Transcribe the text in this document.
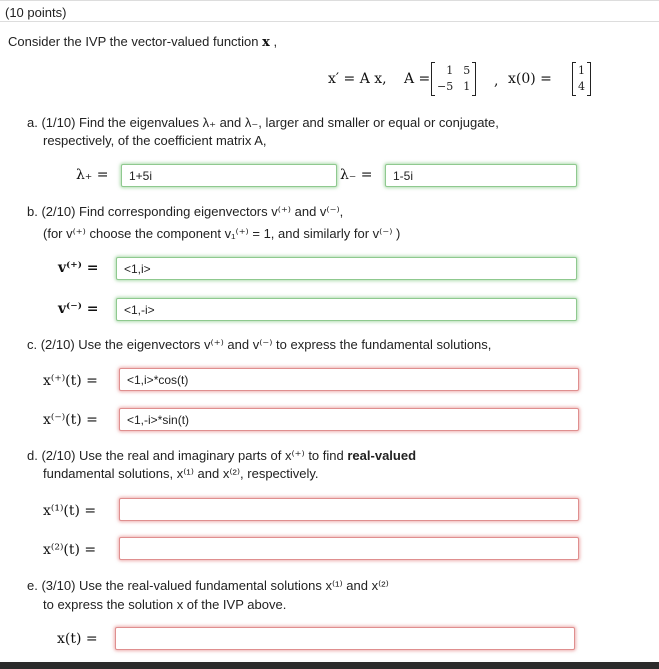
(10 points)
Consider the IVP the vector-valued function x ,
x′ = A x, A =
1 5
−5 1 , x(0) =
1
4
a. (1/10) Find the eigenvalues λ₊ and λ₋, larger and smaller or equal or conjugate,
respectively, of the coefficient matrix A,
λ₊ =
1+5i	λ₋ =
1-5i
b. (2/10) Find corresponding eigenvectors v⁽⁺⁾ and v⁽⁻⁾,
(for v⁽⁺⁾ choose the component v₁⁽⁺⁾ = 1, and similarly for v⁽⁻⁾ )
v⁽⁺⁾ =
<1,i>
v⁽⁻⁾ =
<1,-i>
c. (2/10) Use the eigenvectors v⁽⁺⁾ and v⁽⁻⁾ to express the fundamental solutions,
x⁽⁺⁾(t) =
<1,i>*cos(t)
x⁽⁻⁾(t) =
<1,-i>*sin(t)
d. (2/10) Use the real and imaginary parts of x⁽⁺⁾ to find real-valued
fundamental solutions, x⁽¹⁾ and x⁽²⁾, respectively.
x⁽¹⁾(t) =
x⁽²⁾(t) =
e. (3/10) Use the real-valued fundamental solutions x⁽¹⁾ and x⁽²⁾
to express the solution x of the IVP above.
x(t) =
